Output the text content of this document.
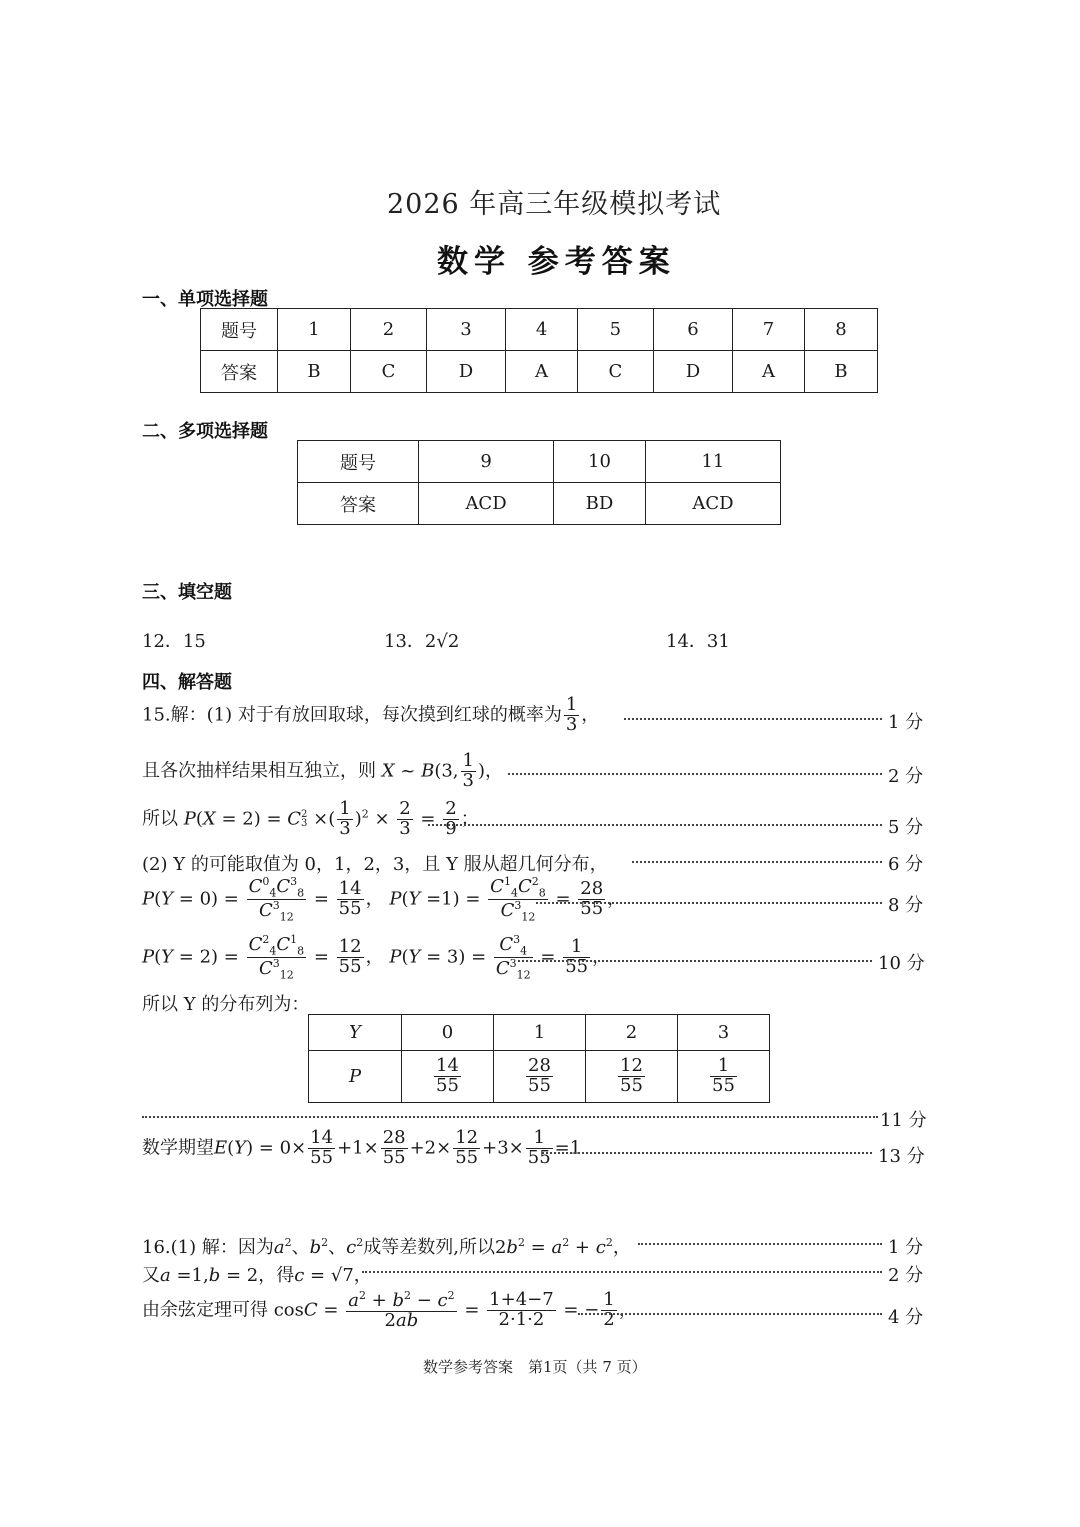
2026 年高三年级模拟考试
数学 参考答案
一、单项选择题
题号	1	2	3	4	5	6	7	8
答案	B	C	D	A	C	D	A	B
二、多项选择题
题号	9	10	11
答案	ACD	BD	ACD
三、填空题
12．15	13．2√2	14．31
四、解答题
15.解：(1) 对于有放回取球，每次摸到红球的概率为 $\frac{1}{3}$ ，	1 分
且各次抽样结果相互独立，则 X ~ B(3, $\frac{1}{3}$ )，	2 分
所以 P(X = 2) = C 2
3 ×( $\frac{1}{3} )^2 \times \frac{2}{3} = \frac{2}{9}$ ；	5 分
(2) Y 的可能取值为 0，1，2，3，且 Y 服从超几何分布，	6 分
$P(Y = 0) = \frac{C^0_4C^3_8}{C^3_{12}} = \frac{14}{55}$ ， $P(Y =1) = \frac{C^1_4C^2_8}{C^3_{12}} = \frac{28}{55}$ ，	8 分
$P(Y = 2) = \frac{C^2_4C^1_8}{C^3_{12}} = \frac{12}{55}$ ， $P(Y = 3) = \frac{C^3_4}{C^3_{12}} = \frac{1}{55}$ ，	10 分
所以 Y 的分布列为：
Y	0	1	2	3
P	$\frac{14}{55}$	$\frac{28}{55}$	$\frac{12}{55}$	$\frac{1}{55}$
11 分
数学期望$E(Y) = 0\times \frac{14}{55} +1\times \frac{28}{55} +2\times \frac{12}{55} +3\times \frac{1}{55} =1$	13 分
16.(1) 解：因为$a^2$、$b^2$、$c^2$成等差数列,所以$2b^2 = a^2 + c^2$，	1 分
又a =1,b = 2，得c = √7，	2 分
由余弦定理可得 $\cos C = \frac{a^2 + b^2 - c^2}{2ab} = \frac{1+4-7}{2\cdot 1\cdot 2}$ = − $\frac{1}{2}$ ，	4 分
数学参考答案　第1页（共 7 页）
